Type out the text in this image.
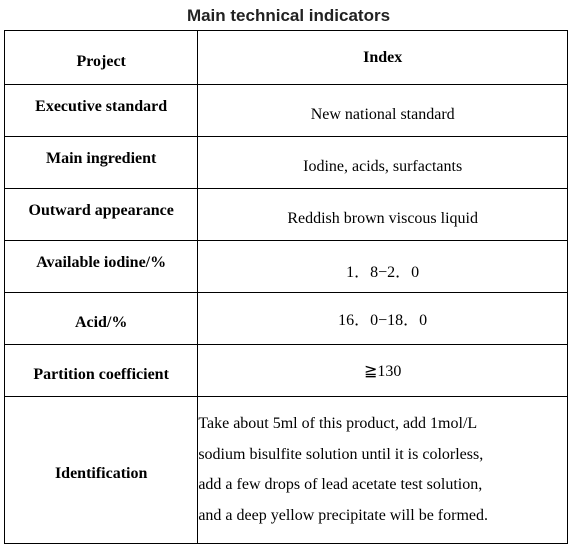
Main technical indicators
Project	Index
Executive standard	New national standard
Main ingredient	Iodine, acids, surfactants
Outward appearance	Reddish brown viscous liquid
Available iodine/%	1．8−2．0
Acid/%	16．0−18．0
Partition coefficient	≧130
Identification	Take about 5ml of this product, add 1mol/L
sodium bisulfite solution until it is colorless,
add a few drops of lead acetate test solution,
and a deep yellow precipitate will be formed.
